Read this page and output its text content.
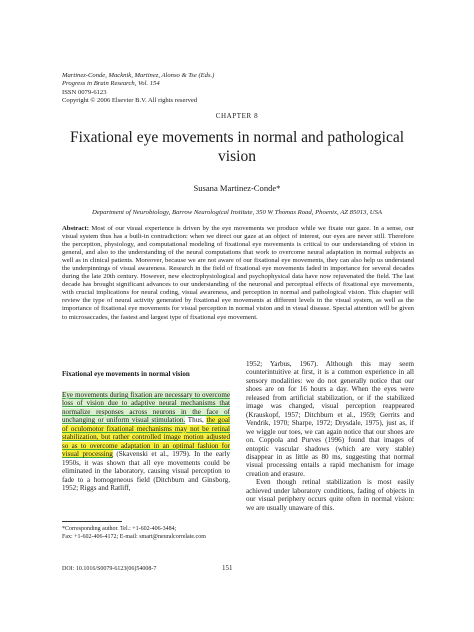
Martinez-Conde, Macknik, Martinez, Alonso & Tse (Eds.)
Progress in Brain Research, Vol. 154
ISSN 0079-6123
Copyright © 2006 Elsevier B.V. All rights reserved
CHAPTER 8
Fixational eye movements in normal and pathological vision
Susana Martinez-Conde*
Department of Neurobiology, Barrow Neurological Institute, 350 W Thomas Road, Phoenix, AZ 85013, USA
Abstract: Most of our visual experience is driven by the eye movements we produce while we fixate our gaze. In a sense, our visual system thus has a built-in contradiction: when we direct our gaze at an object of interest, our eyes are never still. Therefore the perception, physiology, and computational modeling of fixational eye movements is critical to our understanding of vision in general, and also to the understanding of the neural computations that work to overcome neural adaptation in normal subjects as well as in clinical patients. Moreover, because we are not aware of our fixational eye movements, they can also help us understand the underpinnings of visual awareness. Research in the field of fixational eye movements faded in importance for several decades during the late 20th century. However, new electrophysiological and psychophysical data have now rejuvenated the field. The last decade has brought significant advances to our understanding of the neuronal and perceptual effects of fixational eye movements, with crucial implications for neural coding, visual awareness, and perception in normal and pathological vision. This chapter will review the type of neural activity generated by fixational eye movements at different levels in the visual system, as well as the importance of fixational eye movements for visual perception in normal vision and in visual disease. Special attention will be given to microsaccades, the fastest and largest type of fixational eye movement.
Fixational eye movements in normal vision
Eye movements during fixation are necessary to overcome loss of vision due to adaptive neural mechanisms that normalize responses across neurons in the face of unchanging or uniform visual stimulation. Thus, the goal of oculomotor fixational mechanisms may not be retinal stabilization, but rather controlled image motion adjusted so as to overcome adaptation in an optimal fashion for visual processing (Skavenski et al., 1979). In the early 1950s, it was shown that all eye movements could be eliminated in the laboratory, causing visual perception to fade to a homogeneous field (Ditchburn and Ginsborg, 1952; Riggs and Ratliff,

1952; Yarbus, 1967). Although this may seem counterintuitive at first, it is a common experience in all sensory modalities: we do not generally notice that our shoes are on for 16 hours a day. When the eyes were released from artificial stabilization, or if the stabilized image was changed, visual perception reappeared (Krauskopf, 1957; Ditchburn et al., 1959; Gerrits and Vendrik, 1970; Sharpe, 1972; Drysdale, 1975), just as, if we wiggle our toes, we can again notice that our shoes are on. Coppola and Purves (1996) found that images of entoptic vascular shadows (which are very stable) disappear in as little as 80 ms, suggesting that normal visual processing entails a rapid mechanism for image creation and erasure.

Even though retinal stabilization is most easily achieved under laboratory conditions, fading of objects in our visual periphery occurs quite often in normal vision: we are usually unaware of this.

*Corresponding author. Tel.: +1-602-406-3484;
Fax: +1-602-406-4172; E-mail: smart@neuralcorrelate.com
DOI: 10.1016/S0079-6123(06)54008-7	151
